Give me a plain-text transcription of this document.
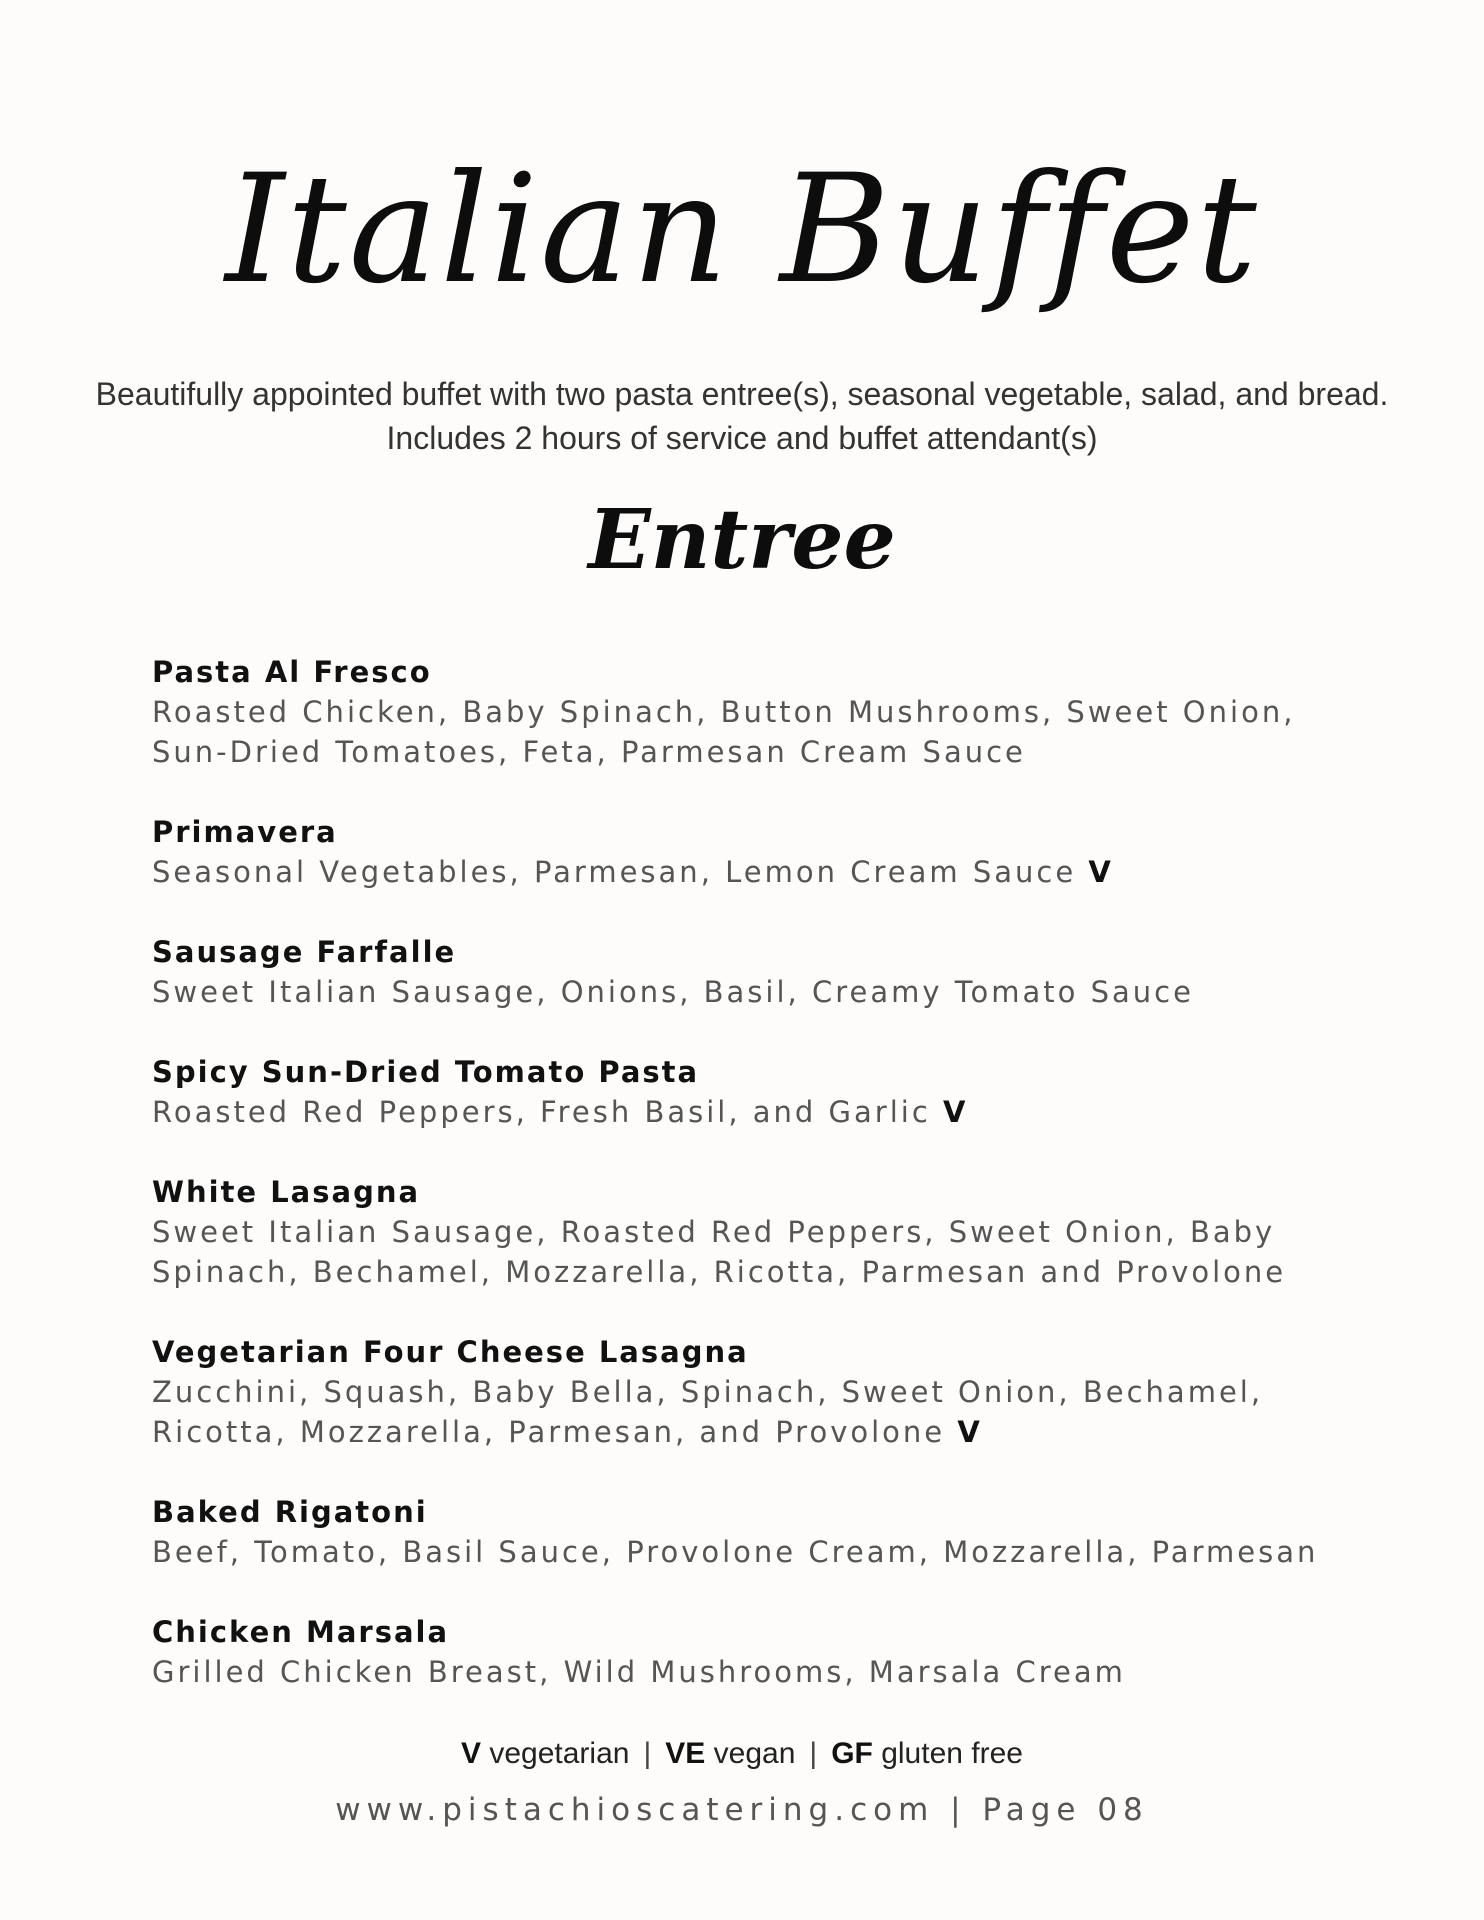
Italian Buffet

Beautifully appointed buffet with two pasta entree(s), seasonal vegetable, salad, and bread.

Includes 2 hours of service and buffet attendant(s)

Entree

Pasta Al Fresco

Roasted Chicken, Baby Spinach, Button Mushrooms, Sweet Onion,
Sun-Dried Tomatoes, Feta, Parmesan Cream Sauce

Primavera

Seasonal Vegetables, Parmesan, Lemon Cream Sauce V

Sausage Farfalle

Sweet Italian Sausage, Onions, Basil, Creamy Tomato Sauce

Spicy Sun-Dried Tomato Pasta

Roasted Red Peppers, Fresh Basil, and Garlic V

White Lasagna

Sweet Italian Sausage, Roasted Red Peppers, Sweet Onion, Baby
Spinach, Bechamel, Mozzarella, Ricotta, Parmesan and Provolone

Vegetarian Four Cheese Lasagna

Zucchini, Squash, Baby Bella, Spinach, Sweet Onion, Bechamel,
Ricotta, Mozzarella, Parmesan, and Provolone V

Baked Rigatoni

Beef, Tomato, Basil Sauce, Provolone Cream, Mozzarella, Parmesan

Chicken Marsala

Grilled Chicken Breast, Wild Mushrooms, Marsala Cream

V vegetarian | VE vegan | GF gluten free
www.pistachioscatering.com | Page 08
